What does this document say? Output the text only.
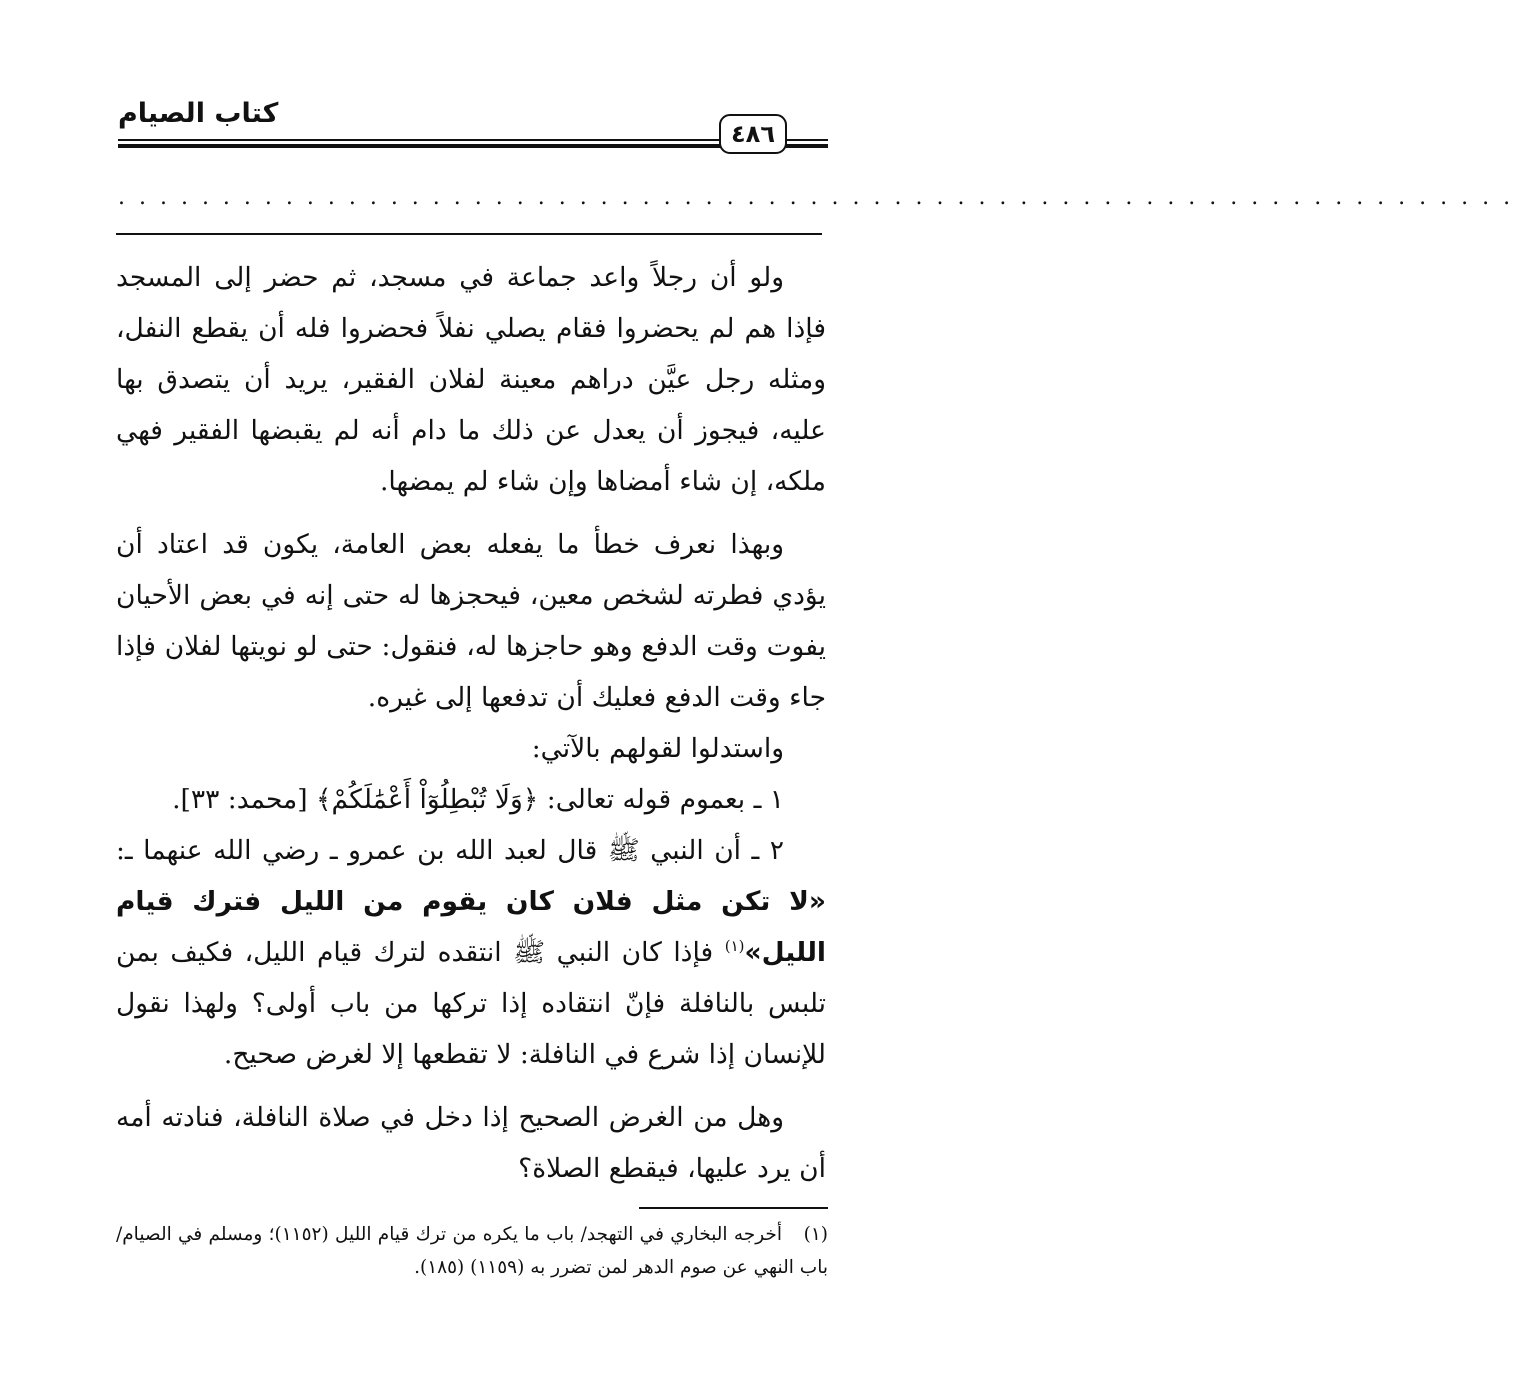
كتاب الصيام
٤٨٦
. . . . . . . . . . . . . . . . . . . . . . . . . . . . . . . . . . . . . . . . . . . . . . . . . . . . . . . . . . . . . . . . . . .

ولو أن رجلاً واعد جماعة في مسجد، ثم حضر إلى المسجد فإذا هم لم يحضروا فقام يصلي نفلاً فحضروا فله أن يقطع النفل، ومثله رجل عيَّن دراهم معينة لفلان الفقير، يريد أن يتصدق بها عليه، فيجوز أن يعدل عن ذلك ما دام أنه لم يقبضها الفقير فهي ملكه، إن شاء أمضاها وإن شاء لم يمضها.

وبهذا نعرف خطأ ما يفعله بعض العامة، يكون قد اعتاد أن يؤدي فطرته لشخص معين، فيحجزها له حتى إنه في بعض الأحيان يفوت وقت الدفع وهو حاجزها له، فنقول: حتى لو نويتها لفلان فإذا جاء وقت الدفع فعليك أن تدفعها إلى غيره.

واستدلوا لقولهم بالآتي:

١ ـ بعموم قوله تعالى: ﴿وَلَا تُبْطِلُوٓاْ أَعْمَٰلَكُمْ﴾ [محمد: ٣٣].

٢ ـ أن النبي ﷺ قال لعبد الله بن عمرو ـ رضي الله عنهما ـ: «لا تكن مثل فلان كان يقوم من الليل فترك قيام الليل»$^{(١)}$ فإذا كان النبي ﷺ انتقده لترك قيام الليل، فكيف بمن تلبس بالنافلة فإنّ انتقاده إذا تركها من باب أولى؟ ولهذا نقول للإنسان إذا شرع في النافلة: لا تقطعها إلا لغرض صحيح.

وهل من الغرض الصحيح إذا دخل في صلاة النافلة، فنادته أمه أن يرد عليها، فيقطع الصلاة؟

(١)أخرجه البخاري في التهجد/ باب ما يكره من ترك قيام الليل (١١٥٢)؛ ومسلم في الصيام/ باب النهي عن صوم الدهر لمن تضرر به (١١٥٩) (١٨٥).
